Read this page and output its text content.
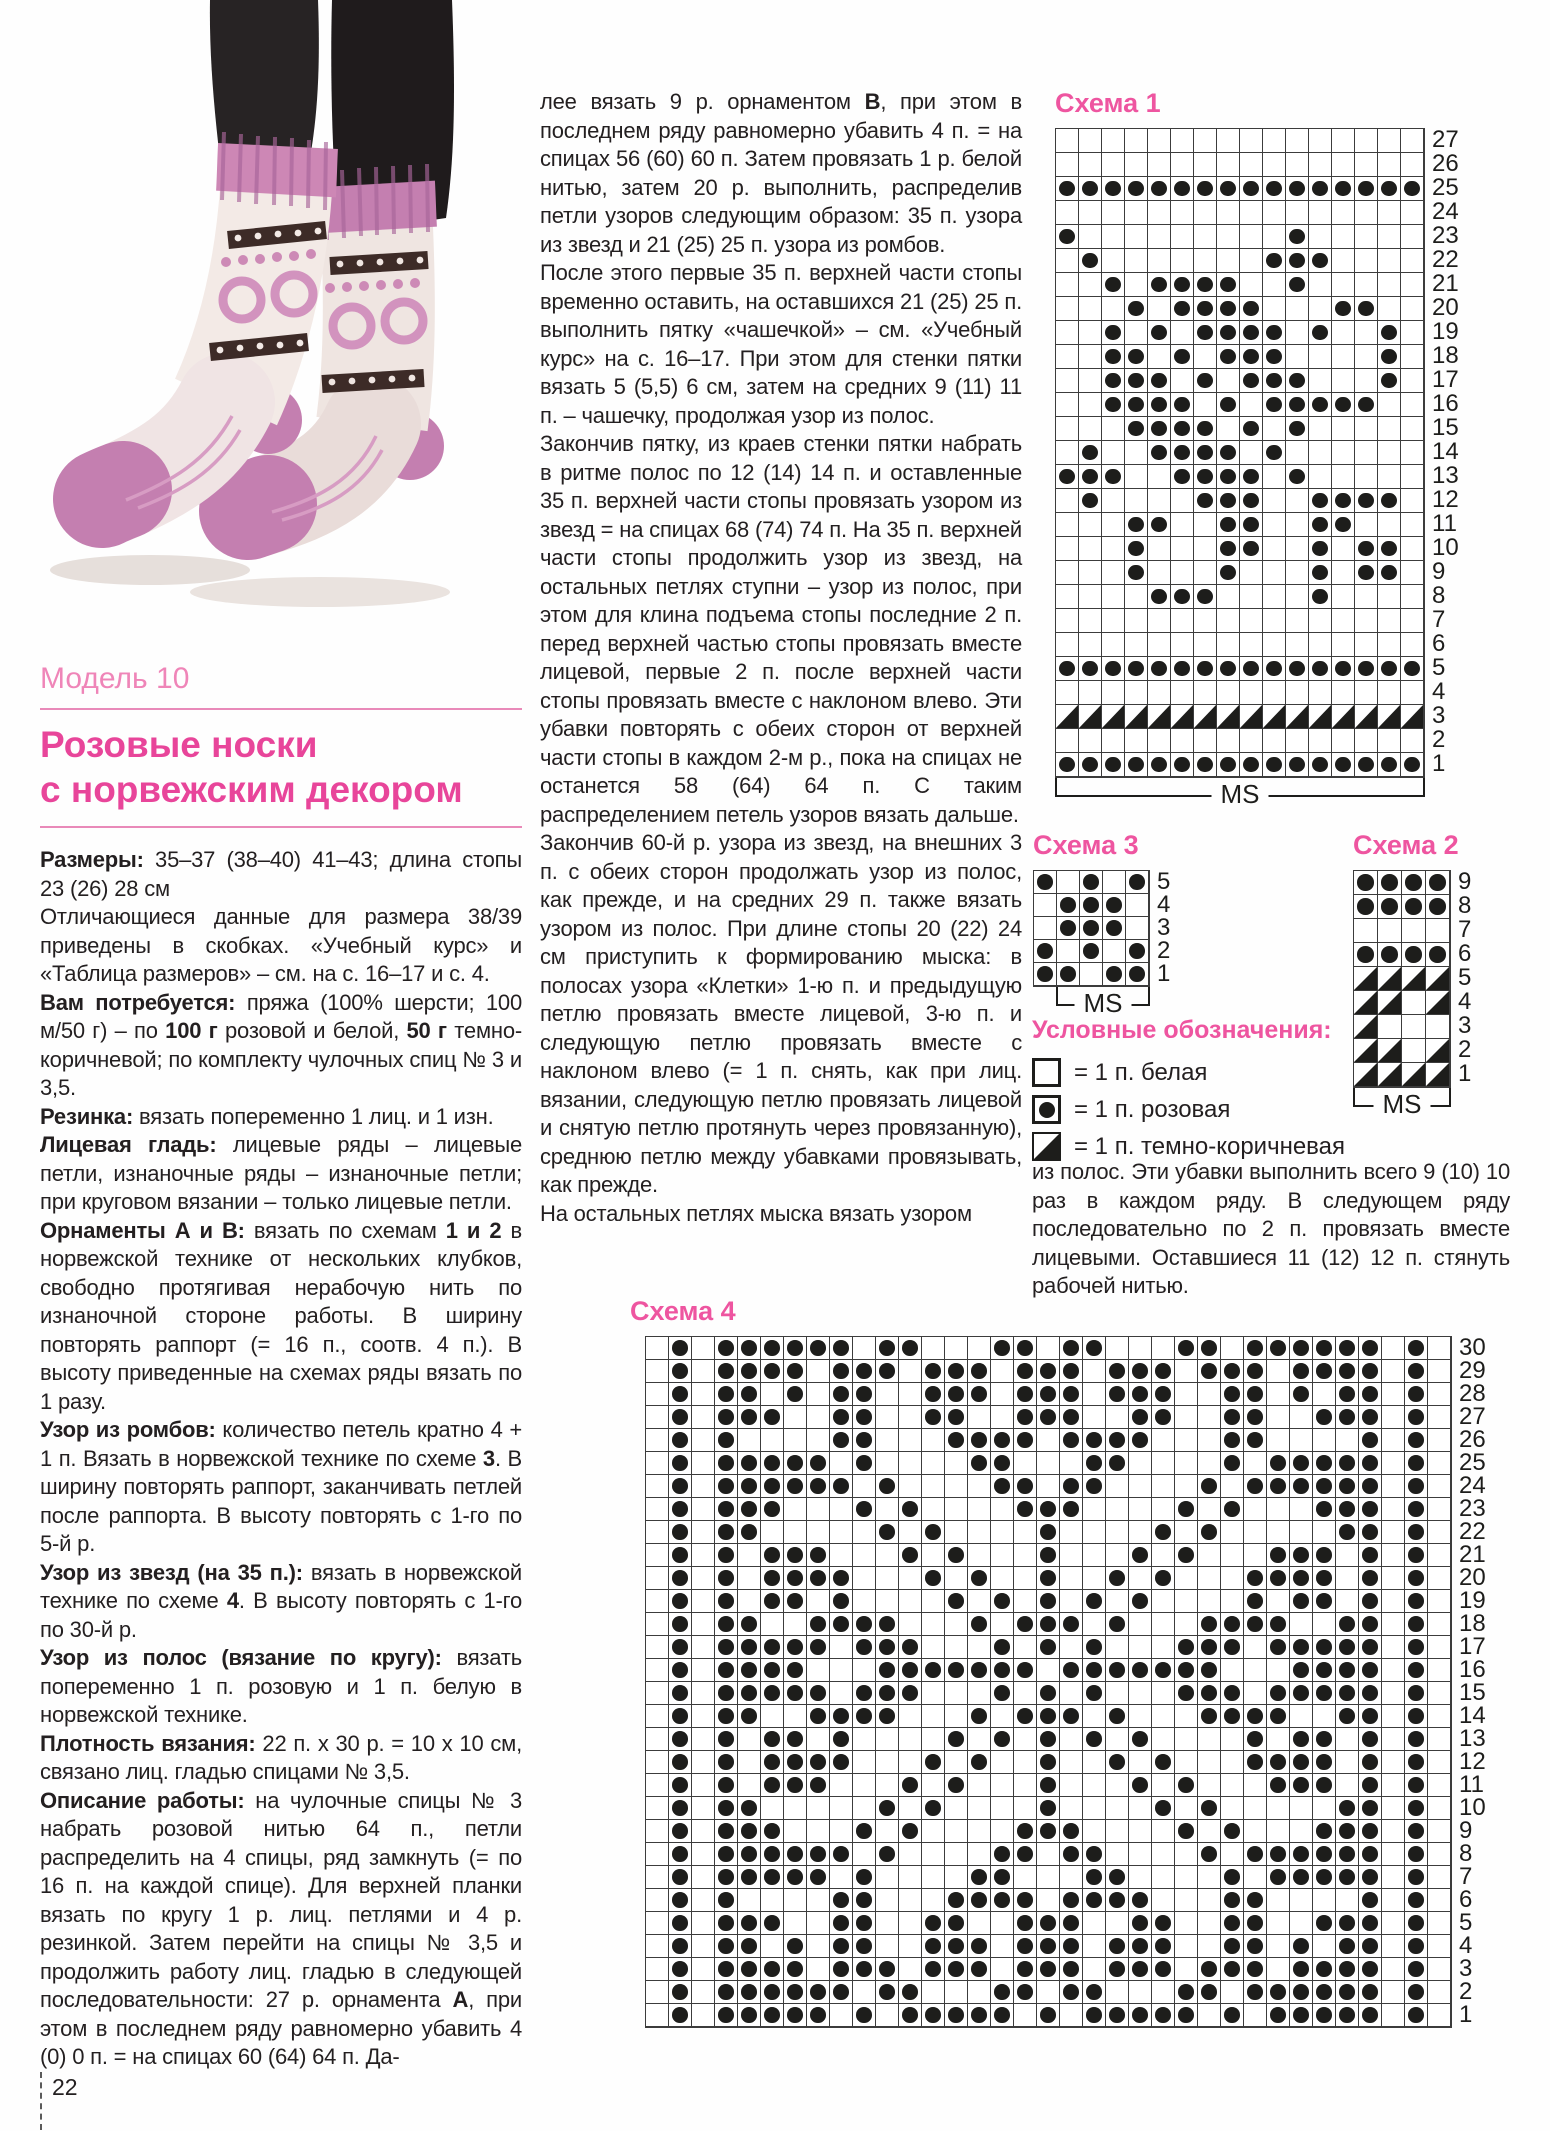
Модель 10
Розовые носки
с норвежским декором

Размеры: 35–37 (38–40) 41–43; длина стопы 23 (26) 28 см

Отличающиеся данные для размера 38/39 приведены в скобках. «Учебный курс» и «Таблица размеров» – см. на с. 16–17 и с. 4.

Вам потребуется: пряжа (100% шерсти; 100 м/50 г) – по 100 г розовой и белой, 50 г темно-коричневой; по комплекту чулочных спиц № 3 и 3,5.

Резинка: вязать попеременно 1 лиц. и 1 изн.

Лицевая гладь: лицевые ряды – лицевые петли, изнаночные ряды – изнаночные петли; при круговом вязании – только лицевые петли.

Орнаменты А и В: вязать по схемам 1 и 2 в норвежской технике от нескольких клубков, свободно протягивая нерабочую нить по изнаночной стороне работы. В ширину повторять раппорт (= 16 п., соотв. 4 п.). В высоту приведенные на схемах ряды вязать по 1 разу.

Узор из ромбов: количество петель кратно 4 + 1 п. Вязать в норвежской технике по схеме 3. В ширину повторять раппорт, заканчивать петлей после раппорта. В высоту повторять с 1-го по 5-й р.

Узор из звезд (на 35 п.): вязать в норвежской технике по схеме 4. В высоту повторять с 1-го по 30-й р.

Узор из полос (вязание по кругу): вязать попеременно 1 п. розовую и 1 п. белую в норвежской технике.

Плотность вязания: 22 п. х 30 р. = 10 х 10 см, связано лиц. гладью спицами № 3,5.

Описание работы: на чулочные спицы № 3 набрать розовой нитью 64 п., петли распределить на 4 спицы, ряд замкнуть (= по 16 п. на каждой спице). Для верхней планки вязать по кругу 1 р. лиц. петлями и 4 р. резинкой. Затем перейти на спицы № 3,5 и продолжить работу лиц. гладью в следующей последовательности: 27 р. орнамента А, при этом в последнем ряду равномерно убавить 4 (0) 0 п. = на спицах 60 (64) 64 п. Да-

лее вязать 9 р. орнаментом В, при этом в последнем ряду равномерно убавить 4 п. = на спицах 56 (60) 60 п. Затем провязать 1 р. белой нитью, затем 20 р. выполнить, распределив петли узоров следующим образом: 35 п. узора из звезд и 21 (25) 25 п. узора из ромбов.

После этого первые 35 п. верхней части стопы временно оставить, на оставшихся 21 (25) 25 п. выполнить пятку «чашечкой» – см. «Учебный курс» на с. 16–17. При этом для стенки пятки вязать 5 (5,5) 6 см, затем на средних 9 (11) 11 п. – чашечку, продолжая узор из полос.

Закончив пятку, из краев стенки пятки набрать в ритме полос по 12 (14) 14 п. и оставленные 35 п. верхней части стопы провязать узором из звезд = на спицах 68 (74) 74 п. На 35 п. верхней части стопы продолжить узор из звезд, на остальных петлях ступни – узор из полос, при этом для клина подъема стопы последние 2 п. перед верхней частью стопы провязать вместе лицевой, первые 2 п. после верхней части стопы провязать вместе с наклоном влево. Эти убавки повторять с обеих сторон от верхней части стопы в каждом 2-м р., пока на спицах не останется 58 (64) 64 п. С таким распределением петель узоров вязать дальше.

Закончив 60-й р. узора из звезд, на внешних 3 п. с обеих сторон продолжать узор из полос, как прежде, и на средних 29 п. также вязать узором из полос. При длине стопы 20 (22) 24 см приступить к формированию мыска: в полосах узора «Клетки» 1-ю п. и предыдущую петлю провязать вместе лицевой, 3-ю п. и следующую петлю провязать вместе с наклоном влево (= 1 п. снять, как при лиц. вязании, следующую петлю провязать лицевой и снятую петлю протянуть через провязанную), среднюю петлю между убавками провязывать, как прежде.

На остальных петлях мыска вязать узором

Схема 1
27
26
25
24
23
22
21
20
19
18
17
16
15
14
13
12
11
10
9
8
7
6
5
4
3
2
1
MS
Схема 3
5
4
3
2
1
MS
Схема 2
9
8
7
6
5
4
3
2
1
MS
Условные обозначения:
= 1 п. белая
= 1 п. розовая
= 1 п. темно-коричневая

из полос. Эти убавки выполнить всего 9 (10) 10 раз в каждом ряду. В следующем ряду последовательно по 2 п. провязать вместе лицевыми. Оставшиеся 11 (12) 12 п. стянуть рабочей нитью.

Схема 4
30
29
28
27
26
25
24
23
22
21
20
19
18
17
16
15
14
13
12
11
10
9
8
7
6
5
4
3
2
1
22
